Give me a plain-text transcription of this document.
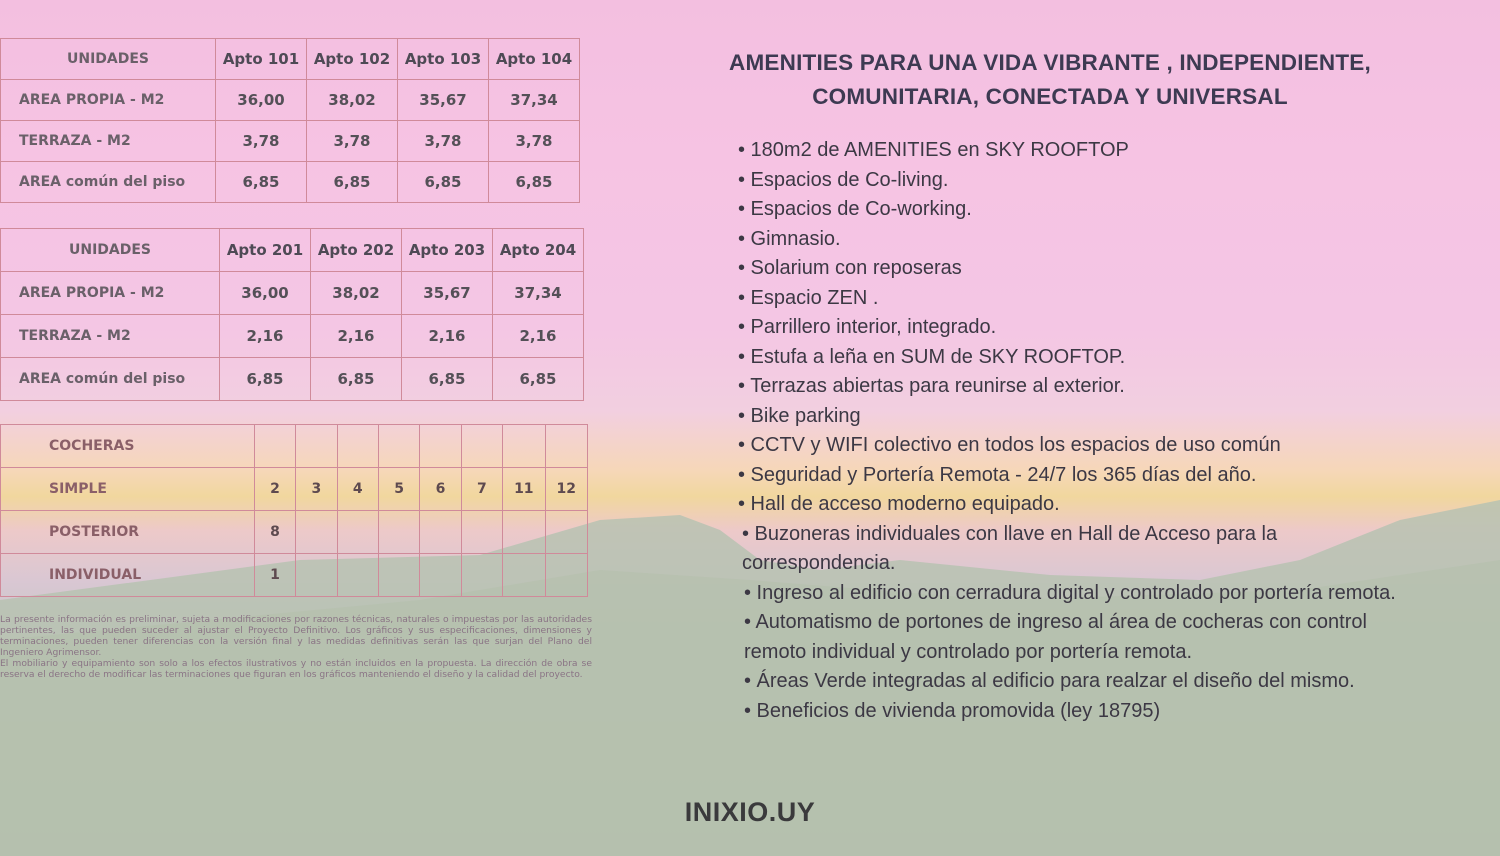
UNIDADES	Apto 101	Apto 102	Apto 103	Apto 104
AREA PROPIA - M2	36,00	38,02	35,67	37,34
TERRAZA - M2	3,78	3,78	3,78	3,78
AREA común del piso	6,85	6,85	6,85	6,85
UNIDADES	Apto 201	Apto 202	Apto 203	Apto 204
AREA PROPIA - M2	36,00	38,02	35,67	37,34
TERRAZA - M2	2,16	2,16	2,16	2,16
AREA común del piso	6,85	6,85	6,85	6,85
COCHERAS								
SIMPLE	2	3	4	5	6	7	11	12
POSTERIOR	8							
INDIVIDUAL	1							

La presente información es preliminar, sujeta a modificaciones por razones técnicas, naturales o impuestas por las autoridades pertinentes, las que pueden suceder al ajustar el Proyecto Definitivo. Los gráficos y sus especificaciones, dimensiones y terminaciones, pueden tener diferencias con la versión final y las medidas definitivas serán las que surjan del Plano del Ingeniero Agrimensor.

El mobiliario y equipamiento son solo a los efectos ilustrativos y no están incluidos en la propuesta. La dirección de obra se reserva el derecho de modificar las terminaciones que figuran en los gráficos manteniendo el diseño y la calidad del proyecto.

AMENITIES PARA UNA VIDA VIBRANTE , INDEPENDIENTE,
COMUNITARIA, CONECTADA Y UNIVERSAL
• 180m2 de AMENITIES en SKY ROOFTOP
• Espacios de Co-living.
• Espacios de Co-working.
• Gimnasio.
• Solarium con reposeras
• Espacio ZEN .
• Parrillero interior, integrado.
• Estufa a leña en SUM de SKY ROOFTOP.
• Terrazas abiertas para reunirse al exterior.
• Bike parking
• CCTV y WIFI colectivo en todos los espacios de uso común
• Seguridad y Portería Remota - 24/7 los 365 días del año.
• Hall de acceso moderno equipado.
• Buzoneras individuales con llave en Hall de Acceso para la
correspondencia.
• Ingreso al edificio con cerradura digital y controlado por portería remota.
• Automatismo de portones de ingreso al área de cocheras con control
remoto individual y controlado por portería remota.
• Áreas Verde integradas al edificio para realzar el diseño del mismo.
• Beneficios de vivienda promovida (ley 18795)
INIXIO.UY
